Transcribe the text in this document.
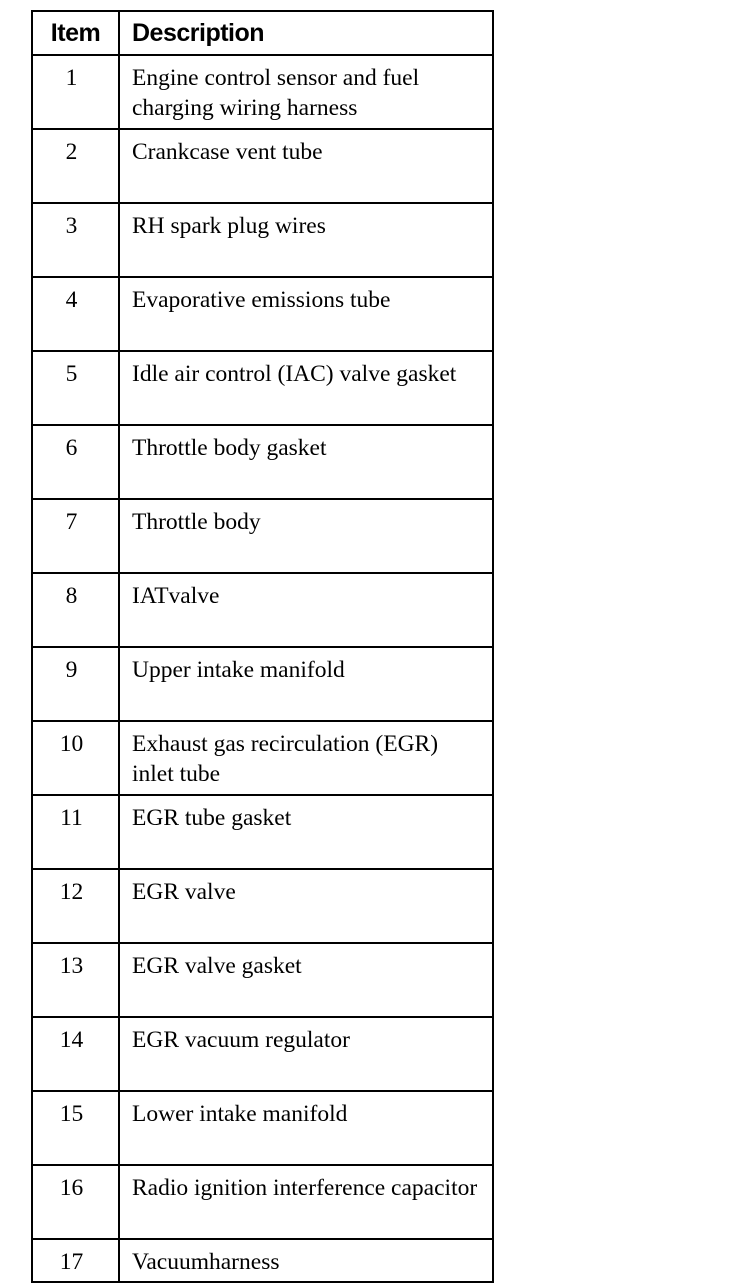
Item	Description
1	Engine control sensor and fuel charging wiring harness
2	Crankcase vent tube
3	RH spark plug wires
4	Evaporative emissions tube
5	Idle air control (IAC) valve gasket
6	Throttle body gasket
7	Throttle body
8	IATvalve
9	Upper intake manifold
10	Exhaust gas recirculation (EGR) inlet tube
11	EGR tube gasket
12	EGR valve
13	EGR valve gasket
14	EGR vacuum regulator
15	Lower intake manifold
16	Radio ignition interference capacitor
17	Vacuumharness
